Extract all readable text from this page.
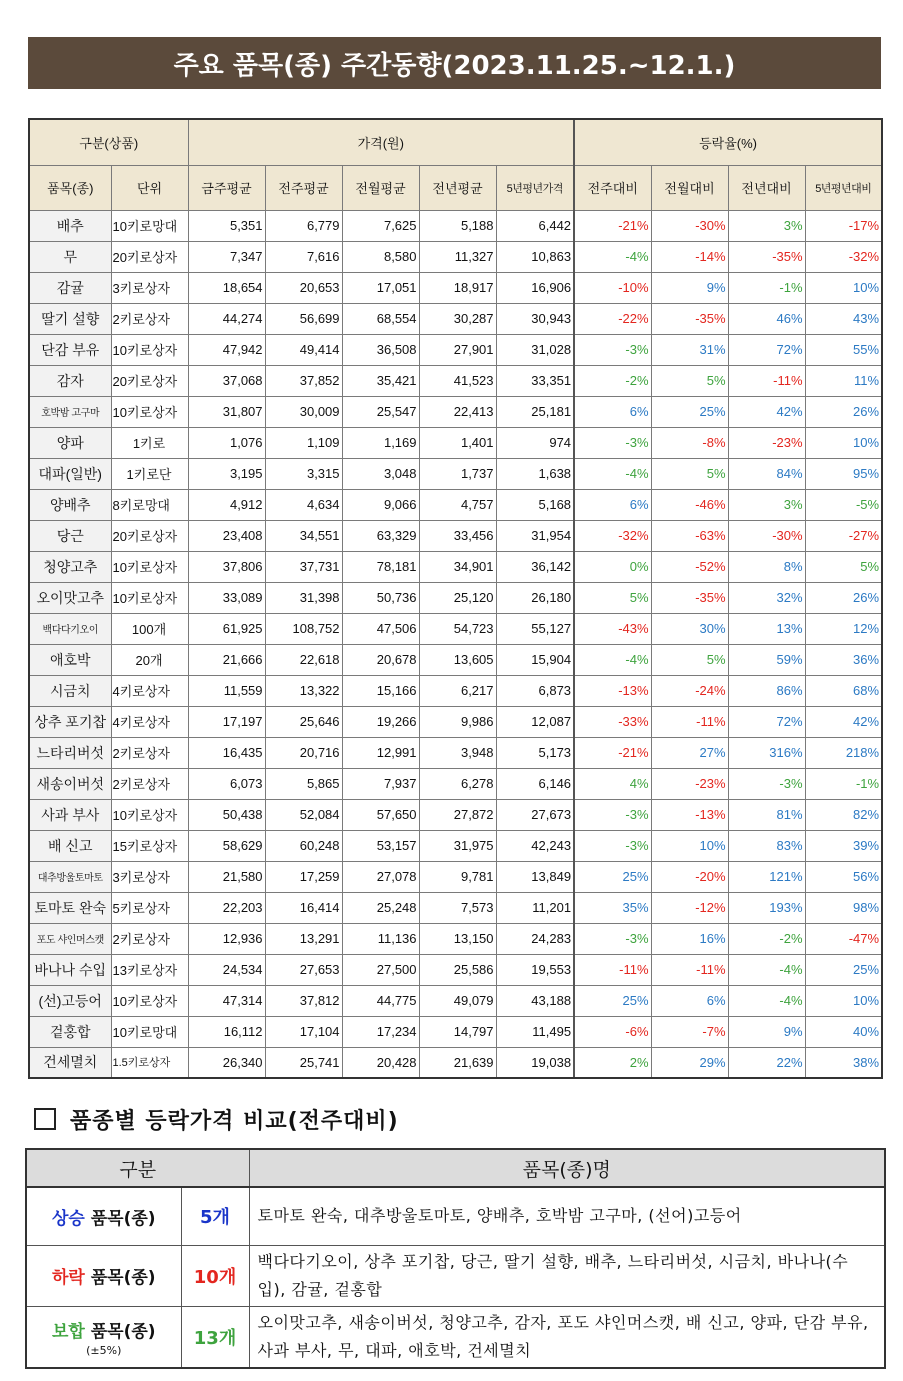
주요 품목(종) 주간동향(2023.11.25.~12.1.)
구분(상품)		가격(원)					등락율(%)			
품목(종)	단위	금주평균	전주평균	전월평균	전년평균	5년평년가격	전주대비	전월대비	전년대비	5년평년대비
배추	10키로망대	5,351	6,779	7,625	5,188	6,442	-21%	-30%	3%	-17%
무	20키로상자	7,347	7,616	8,580	11,327	10,863	-4%	-14%	-35%	-32%
감귤	3키로상자	18,654	20,653	17,051	18,917	16,906	-10%	9%	-1%	10%
딸기 설향	2키로상자	44,274	56,699	68,554	30,287	30,943	-22%	-35%	46%	43%
단감 부유	10키로상자	47,942	49,414	36,508	27,901	31,028	-3%	31%	72%	55%
감자	20키로상자	37,068	37,852	35,421	41,523	33,351	-2%	5%	-11%	11%
호박밤 고구마	10키로상자	31,807	30,009	25,547	22,413	25,181	6%	25%	42%	26%
양파	1키로	1,076	1,109	1,169	1,401	974	-3%	-8%	-23%	10%
대파(일반)	1키로단	3,195	3,315	3,048	1,737	1,638	-4%	5%	84%	95%
양배추	8키로망대	4,912	4,634	9,066	4,757	5,168	6%	-46%	3%	-5%
당근	20키로상자	23,408	34,551	63,329	33,456	31,954	-32%	-63%	-30%	-27%
청양고추	10키로상자	37,806	37,731	78,181	34,901	36,142	0%	-52%	8%	5%
오이맛고추	10키로상자	33,089	31,398	50,736	25,120	26,180	5%	-35%	32%	26%
백다다기오이	100개	61,925	108,752	47,506	54,723	55,127	-43%	30%	13%	12%
애호박	20개	21,666	22,618	20,678	13,605	15,904	-4%	5%	59%	36%
시금치	4키로상자	11,559	13,322	15,166	6,217	6,873	-13%	-24%	86%	68%
상추 포기찹	4키로상자	17,197	25,646	19,266	9,986	12,087	-33%	-11%	72%	42%
느타리버섯	2키로상자	16,435	20,716	12,991	3,948	5,173	-21%	27%	316%	218%
새송이버섯	2키로상자	6,073	5,865	7,937	6,278	6,146	4%	-23%	-3%	-1%
사과 부사	10키로상자	50,438	52,084	57,650	27,872	27,673	-3%	-13%	81%	82%
배 신고	15키로상자	58,629	60,248	53,157	31,975	42,243	-3%	10%	83%	39%
대추방울토마토	3키로상자	21,580	17,259	27,078	9,781	13,849	25%	-20%	121%	56%
토마토 완숙	5키로상자	22,203	16,414	25,248	7,573	11,201	35%	-12%	193%	98%
포도 샤인머스캣	2키로상자	12,936	13,291	11,136	13,150	24,283	-3%	16%	-2%	-47%
바나나 수입	13키로상자	24,534	27,653	27,500	25,586	19,553	-11%	-11%	-4%	25%
(선)고등어	10키로상자	47,314	37,812	44,775	49,079	43,188	25%	6%	-4%	10%
겉홍합	10키로망대	16,112	17,104	17,234	14,797	11,495	-6%	-7%	9%	40%
건세멸치	1.5키로상자	26,340	25,741	20,428	21,639	19,038	2%	29%	22%	38%
품종별 등락가격 비교(전주대비)
구분		품목(종)명
상승 품목(종)	5개	토마토 완숙, 대추방울토마토, 양배추, 호박밤 고구마, (선어)고등어
하락 품목(종)	10개	백다다기오이, 상추 포기찹, 당근, 딸기 설향, 배추, 느타리버섯, 시금치, 바나나(수입), 감귤, 겉홍합
보합 품목(종)
(±5%)	13개	오이맛고추, 새송이버섯, 청양고추, 감자, 포도 샤인머스캣, 배 신고, 양파, 단감 부유, 사과 부사, 무, 대파, 애호박, 건세멸치
